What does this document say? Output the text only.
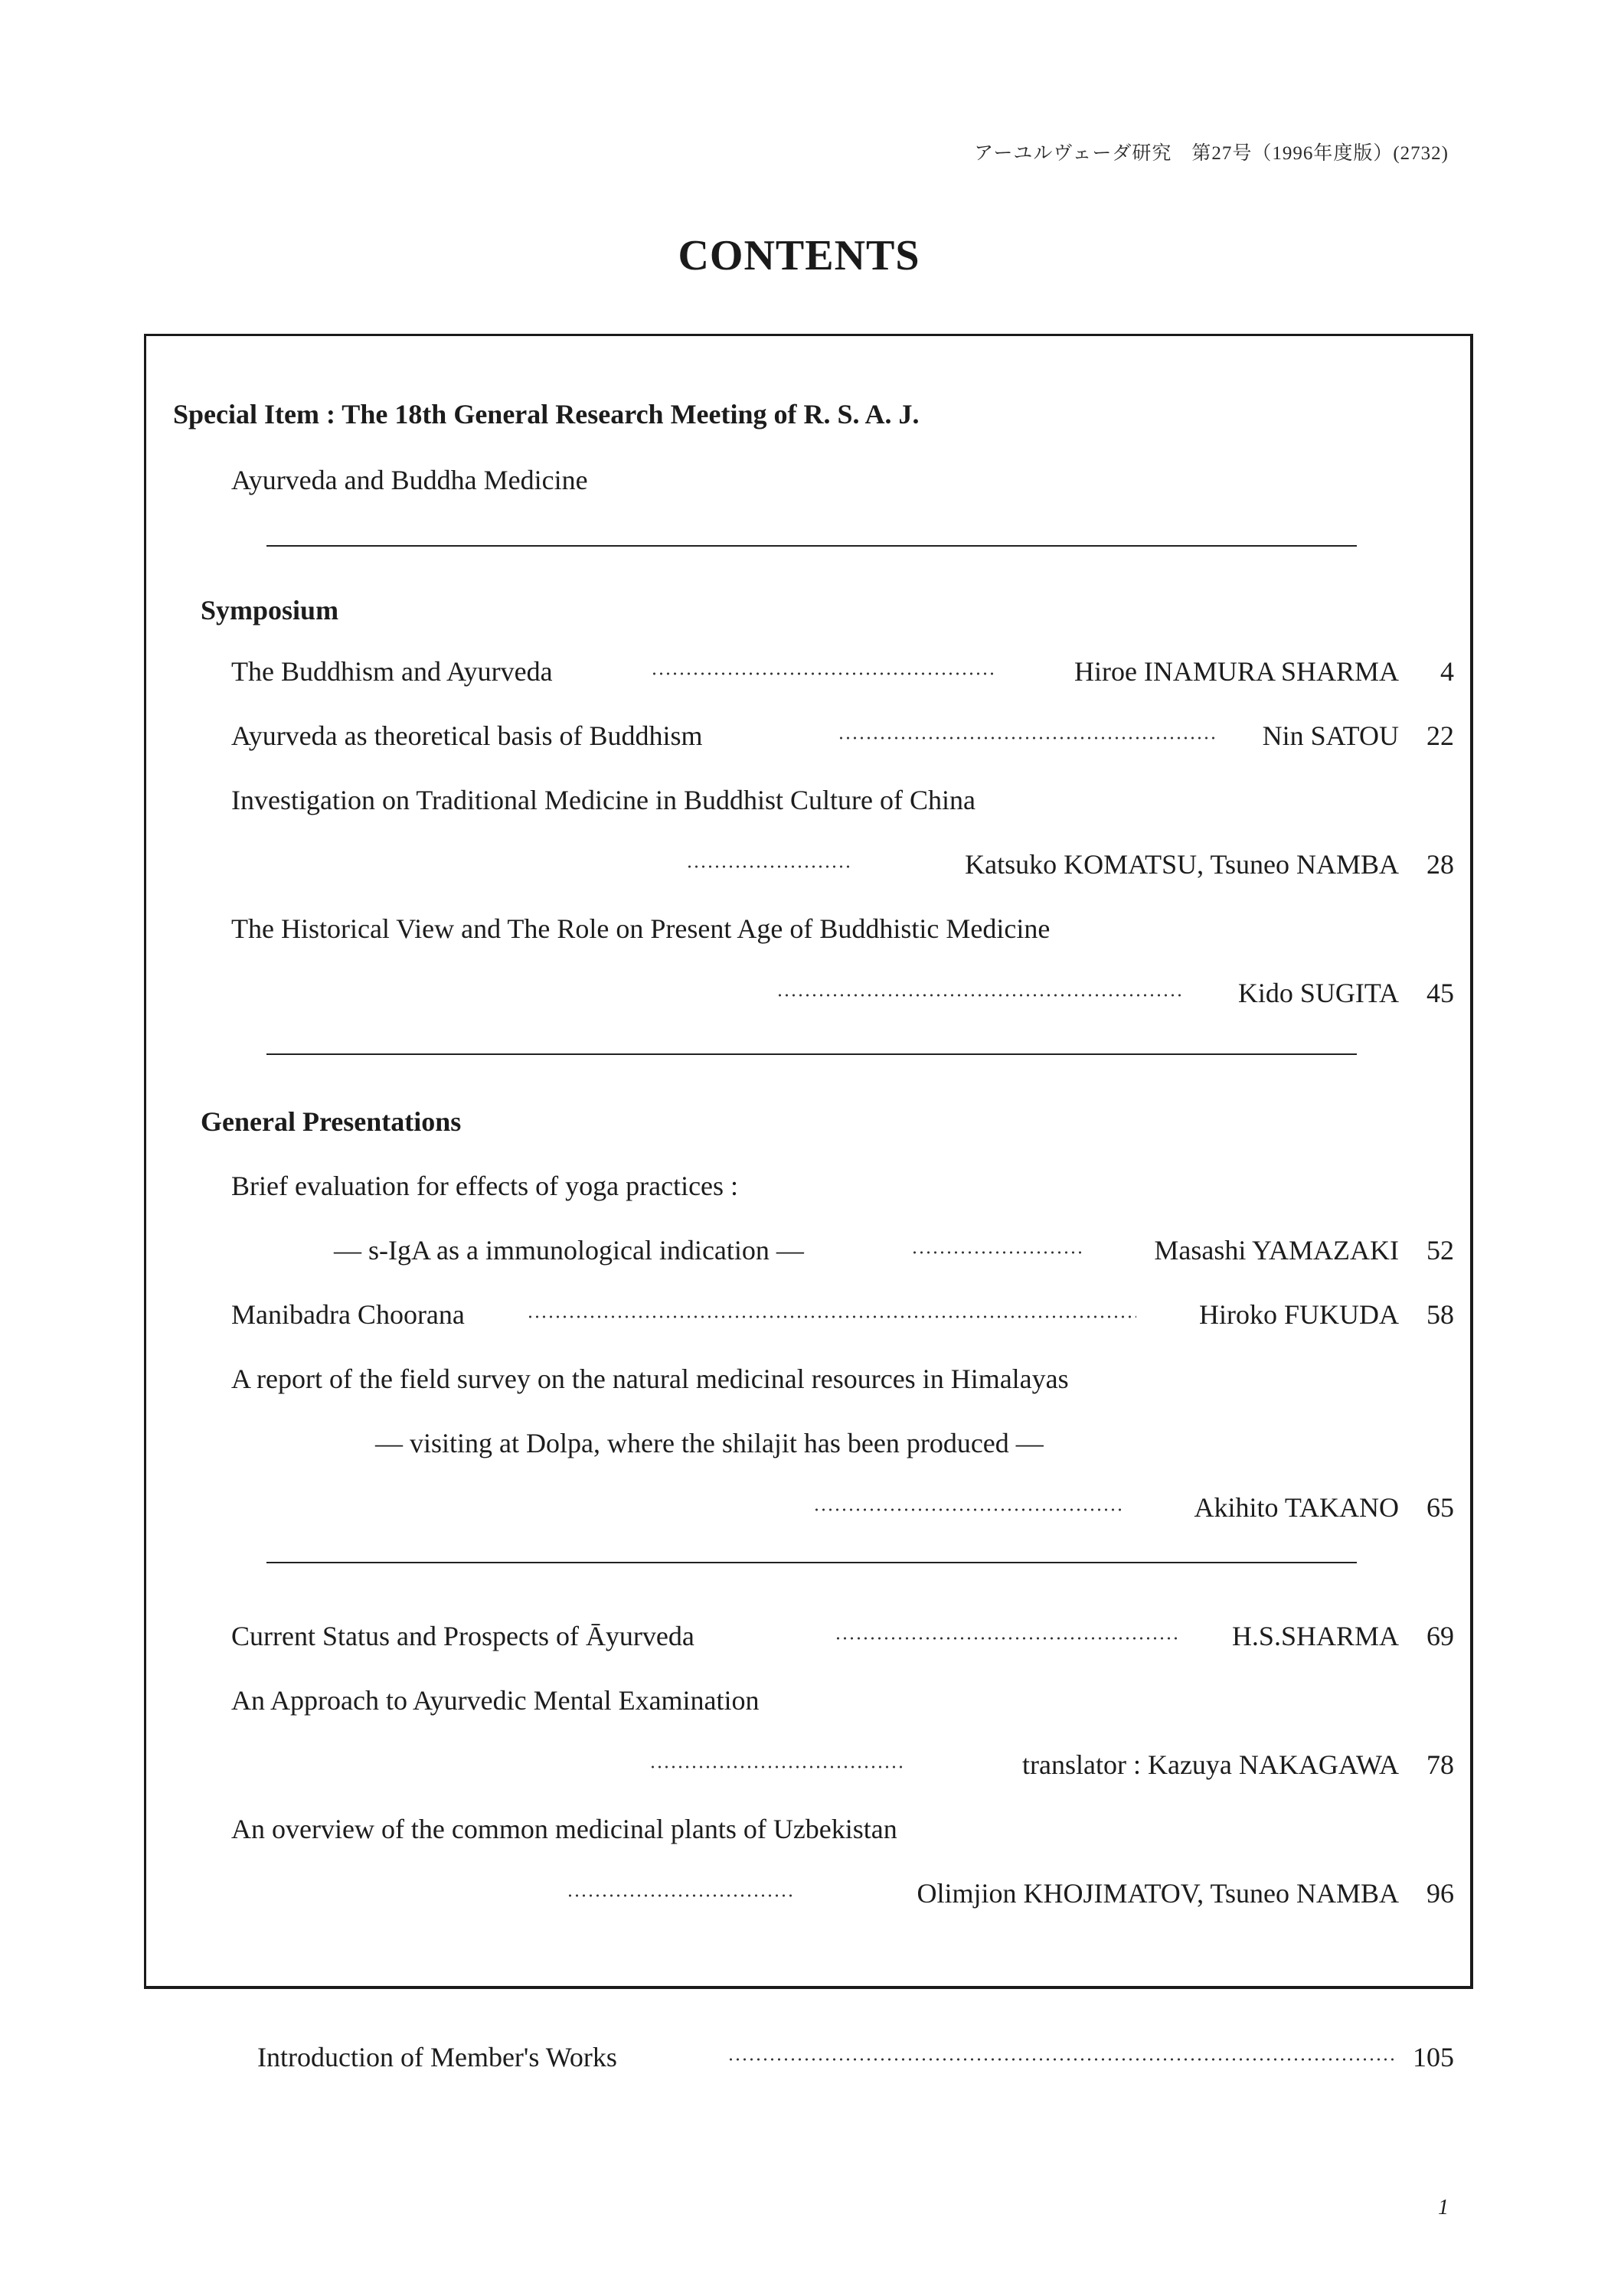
アーユルヴェーダ研究　第27号（1996年度版）(2732)
CONTENTS
Special Item : The 18th General Research Meeting of R. S. A. J.
Ayurveda and Buddha Medicine
Symposium
The Buddhism and Ayurveda	Hiroe INAMURA SHARMA	4
Ayurveda as theoretical basis of Buddhism	Nin SATOU	22
Investigation on Traditional Medicine in Buddhist Culture of China
Katsuko KOMATSU, Tsuneo NAMBA	28
The Historical View and The Role on Present Age of Buddhistic Medicine
Kido SUGITA	45
General Presentations
Brief evaluation for effects of yoga practices :
— s-IgA as a immunological indication —	Masashi YAMAZAKI	52
Manibadra Choorana	Hiroko FUKUDA	58
A report of the field survey on the natural medicinal resources in Himalayas
— visiting at Dolpa, where the shilajit has been produced —
Akihito TAKANO	65
Current Status and Prospects of Āyurveda	H.S.SHARMA	69
An Approach to Ayurvedic Mental Examination
translator : Kazuya NAKAGAWA	78
An overview of the common medicinal plants of Uzbekistan
Olimjion KHOJIMATOV, Tsuneo NAMBA	96
Introduction of Member's Works	105
1
